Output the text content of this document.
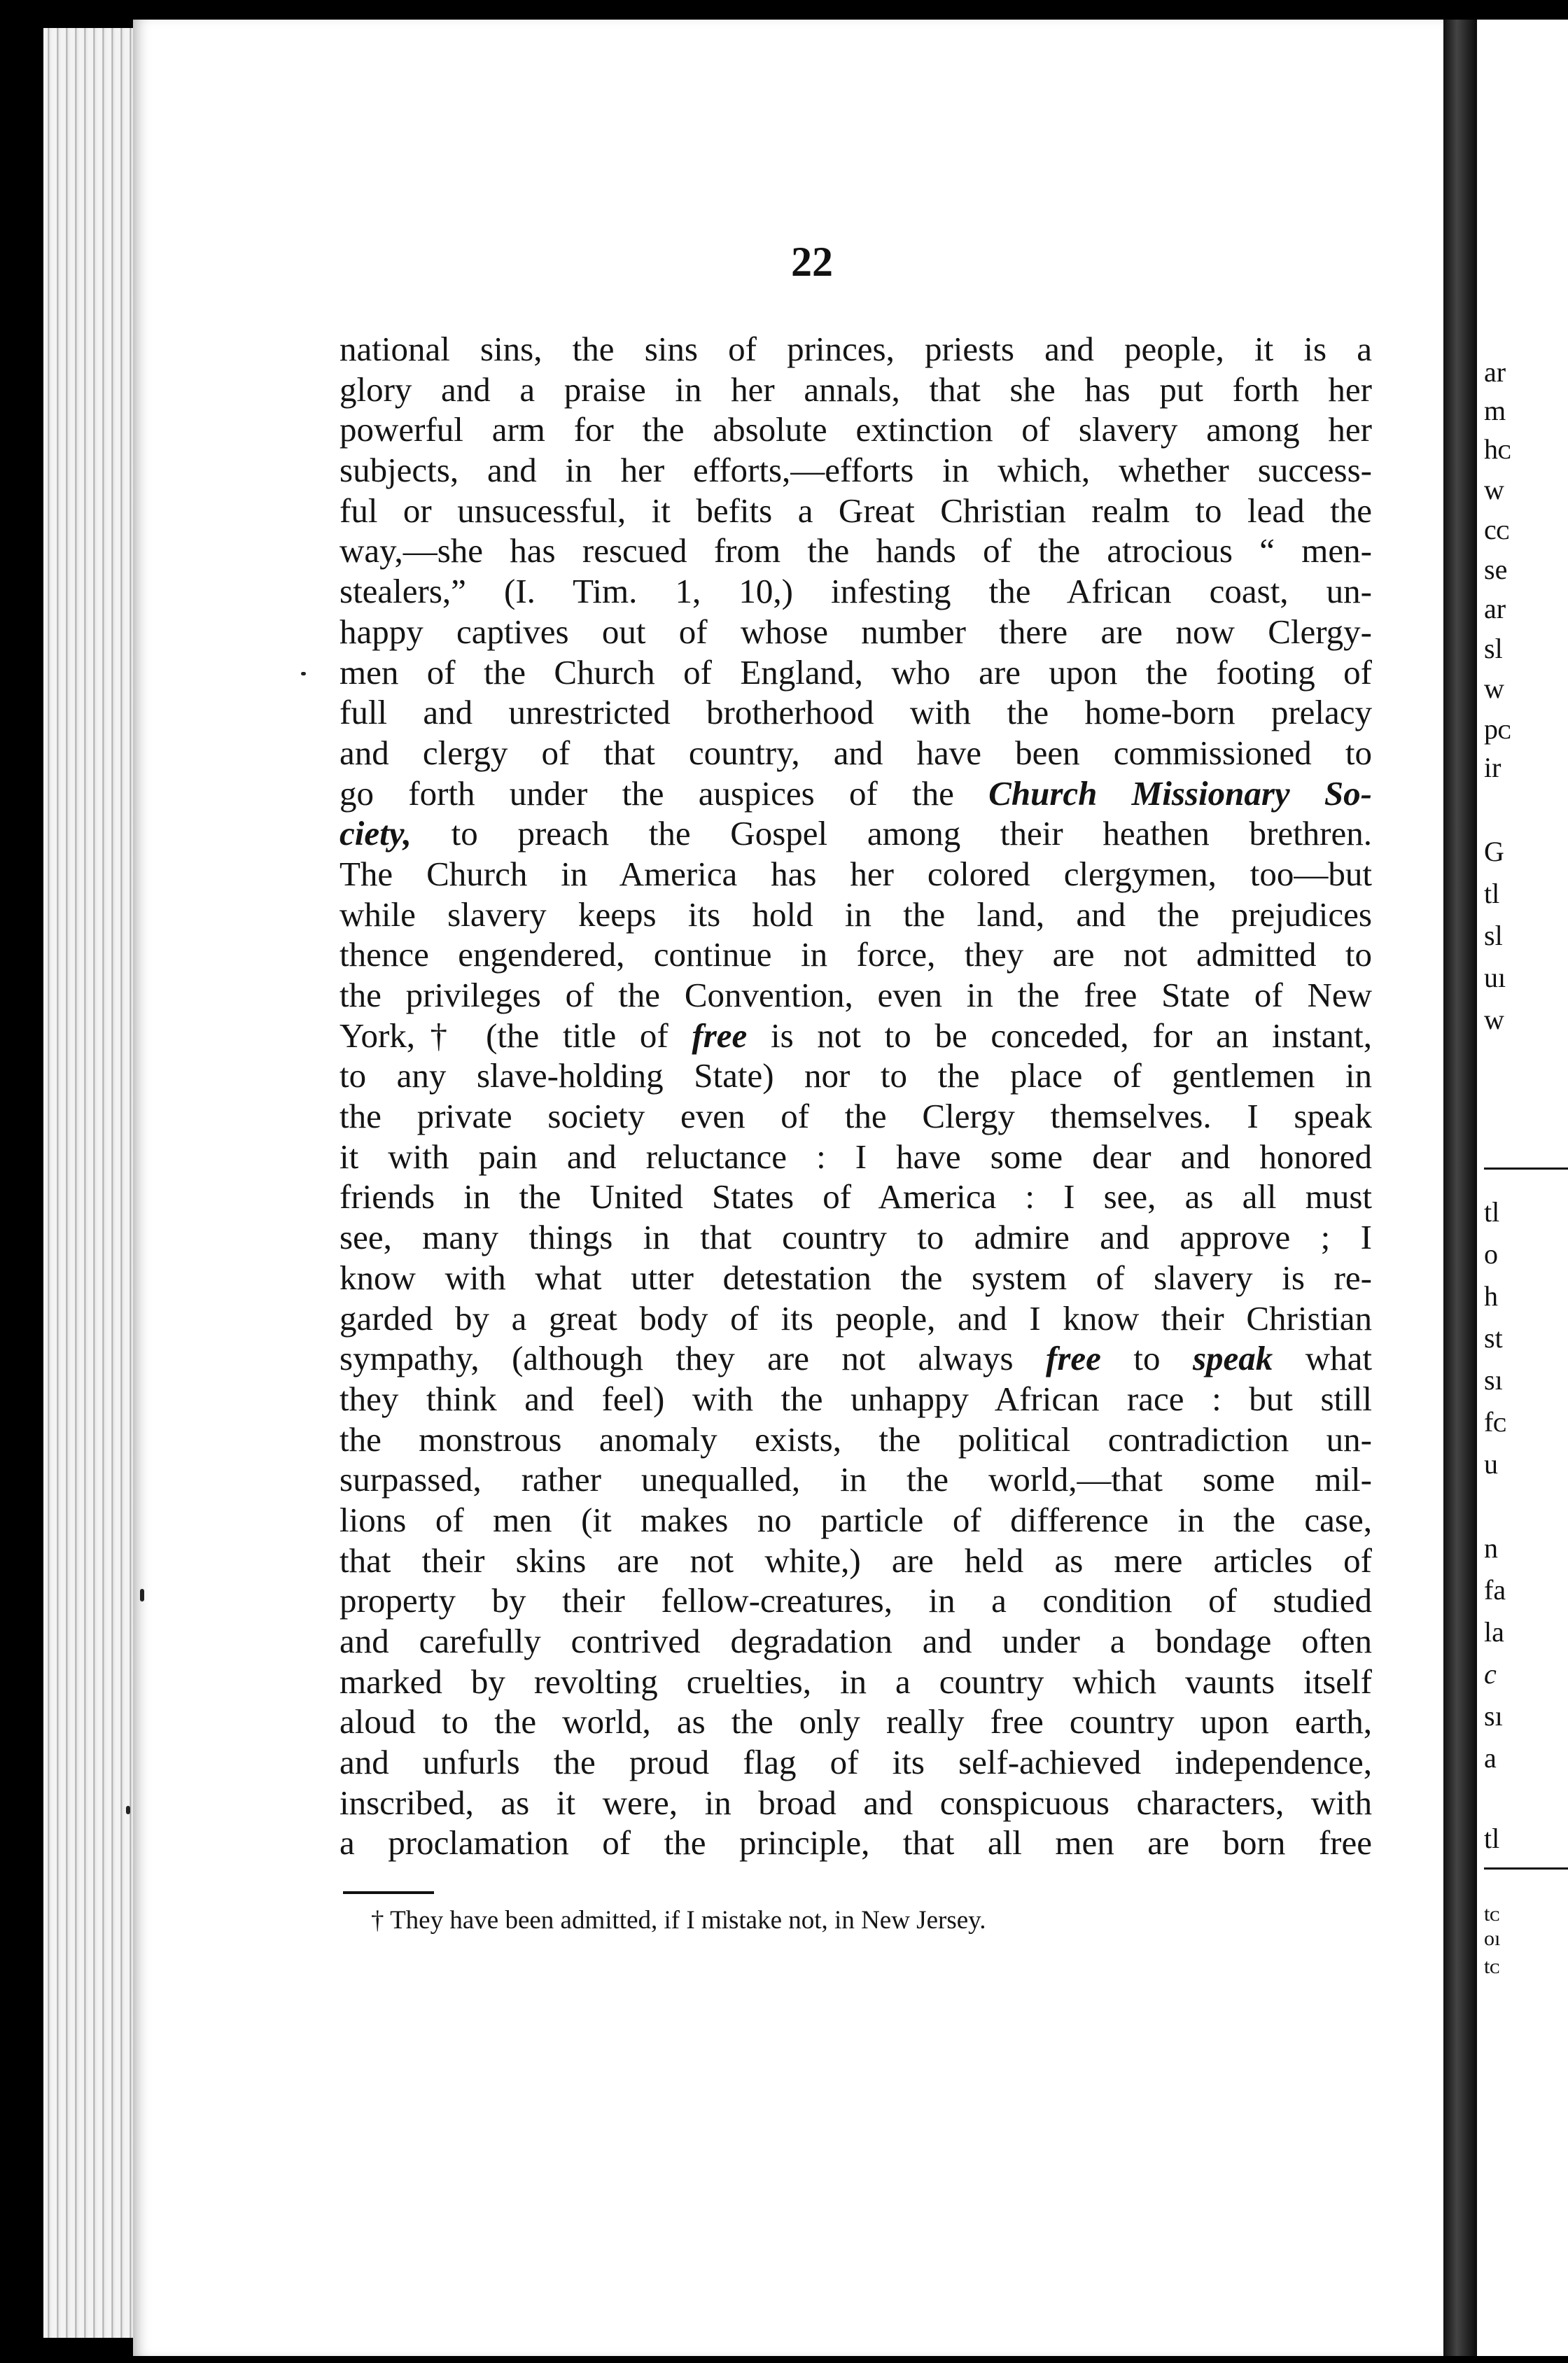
22
national sins, the sins of princes, priests and people, it is a
glory and a praise in her annals, that she has put forth her
powerful arm for the absolute extinction of slavery among her
subjects, and in her efforts,—efforts in which, whether success-
ful or unsucessful, it befits a Great Christian realm to lead the
way,—she has rescued from the hands of the atrocious “ men-
stealers,” (I. Tim. 1, 10,) infesting the African coast, un-
happy captives out of whose number there are now Clergy-
men of the Church of England, who are upon the footing of
full and unrestricted brotherhood with the home-born prelacy
and clergy of that country, and have been commissioned to
go forth under the auspices of the Church Missionary So-
ciety, to preach the Gospel among their heathen brethren.
The Church in America has her colored clergymen, too—but
while slavery keeps its hold in the land, and the prejudices
thence engendered, continue in force, they are not admitted to
the privileges of the Convention, even in the free State of New
York,† (the title of free is not to be conceded, for an instant,
to any slave-holding State) nor to the place of gentlemen in
the private society even of the Clergy themselves. I speak
it with pain and reluctance : I have some dear and honored
friends in the United States of America : I see, as all must
see, many things in that country to admire and approve ; I
know with what utter detestation the system of slavery is re-
garded by a great body of its people, and I know their Christian
sympathy, (although they are not always free to speak what
they think and feel) with the unhappy African race : but still
the monstrous anomaly exists, the political contradiction un-
surpassed, rather unequalled, in the world,—that some mil-
lions of men (it makes no particle of difference in the case,
that their skins are not white,) are held as mere articles of
property by their fellow-creatures, in a condition of studied
and carefully contrived degradation and under a bondage often
marked by revolting cruelties, in a country which vaunts itself
aloud to the world, as the only really free country upon earth,
and unfurls the proud flag of its self-achieved independence,
inscribed, as it were, in broad and conspicuous characters, with
a proclamation of the principle, that all men are born free
† They have been admitted, if I mistake not, in New Jersey.
ar
m
hᴄ
w
cᴄ
se
ar
sl
w
pᴄ
ir
G
tl
sl
uı
w
tl
o
h
st
sı
fᴄ
u
n
fa
la
c
sı
a
tl
tᴄ
oı
tᴄ
